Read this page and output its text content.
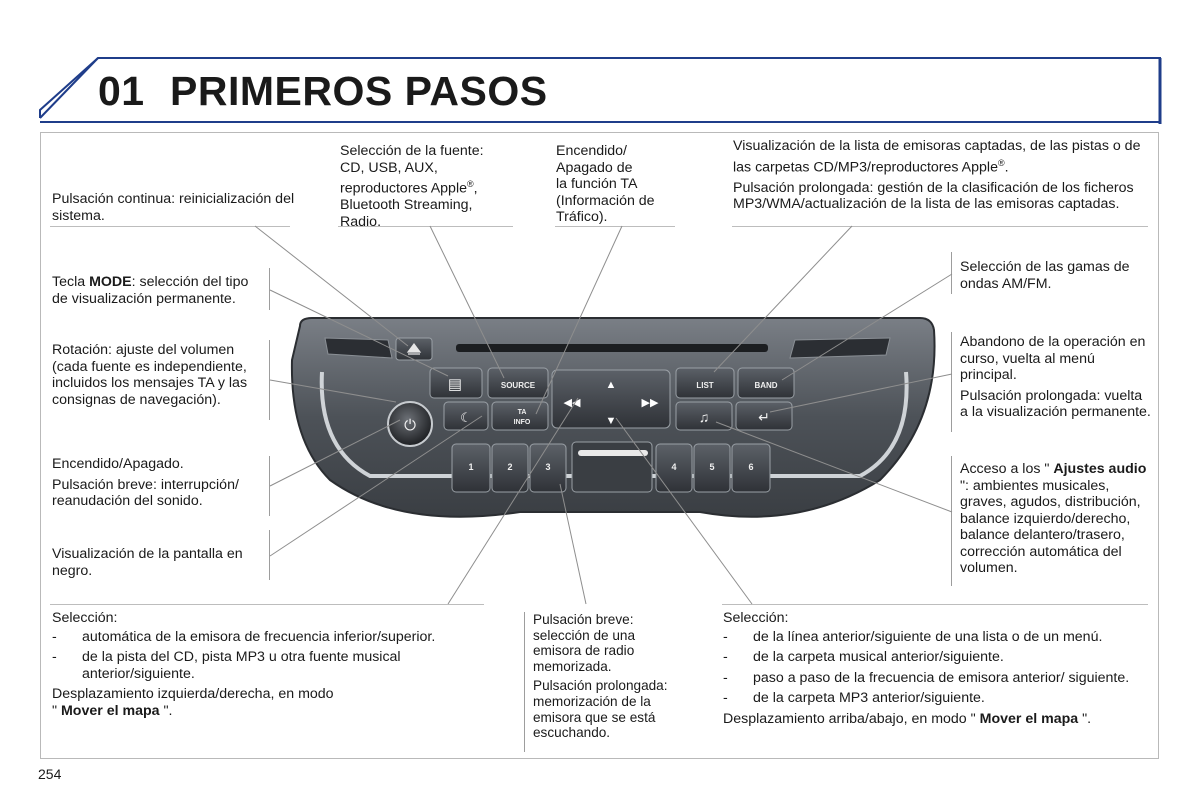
01 PRIMEROS PASOS

Pulsación continua: reinicialización del sistema.

Selección de la fuente:

CD, USB, AUX,

reproductores Apple®,

Bluetooth Streaming,

Radio.

Encendido/

Apagado de

la función TA

(Información de

Tráfico).

Visualización de la lista de emisoras captadas, de las pistas o de las carpetas CD/MP3/reproductores Apple®.

Pulsación prolongada: gestión de la clasificación de los ficheros MP3/WMA/actualización de la lista de las emisoras captadas.

Tecla MODE: selección del tipo de visualización permanente.

Rotación: ajuste del volumen (cada fuente es independiente, incluidos los mensajes TA y las consignas de navegación).

Encendido/Apagado.

Pulsación breve: interrupción/ reanudación del sonido.

Visualización de la pantalla en negro.

Selección de las gamas de ondas AM/FM.

Abandono de la operación en curso, vuelta al menú principal.

Pulsación prolongada: vuelta a la visualización permanente.

Acceso a los " Ajustes audio ": ambientes musicales, graves, agudos, distribución, balance izquierdo/derecho, balance delantero/trasero, corrección automática del volumen.

Selección:

- automática de la emisora de frecuencia inferior/superior.
- de la pista del CD, pista MP3 u otra fuente musical anterior/siguiente.

Desplazamiento izquierda/derecha, en modo

" Mover el mapa ".

Pulsación breve: selección de una emisora de radio memorizada.

Pulsación prolongada: memorización de la emisora que se está escuchando.

Selección:

- de la línea anterior/siguiente de una lista o de un menú.
- de la carpeta musical anterior/siguiente.
- paso a paso de la frecuencia de emisora anterior/ siguiente.
- de la carpeta MP3 anterior/siguiente.

Desplazamiento arriba/abajo, en modo " Mover el mapa ".

▤	SOURCE	▲
▼
◀◀	▶▶
LIST	BAND
⏻	☾	TA
INFO	♫	↵
1	2	3	4	5	6
254
